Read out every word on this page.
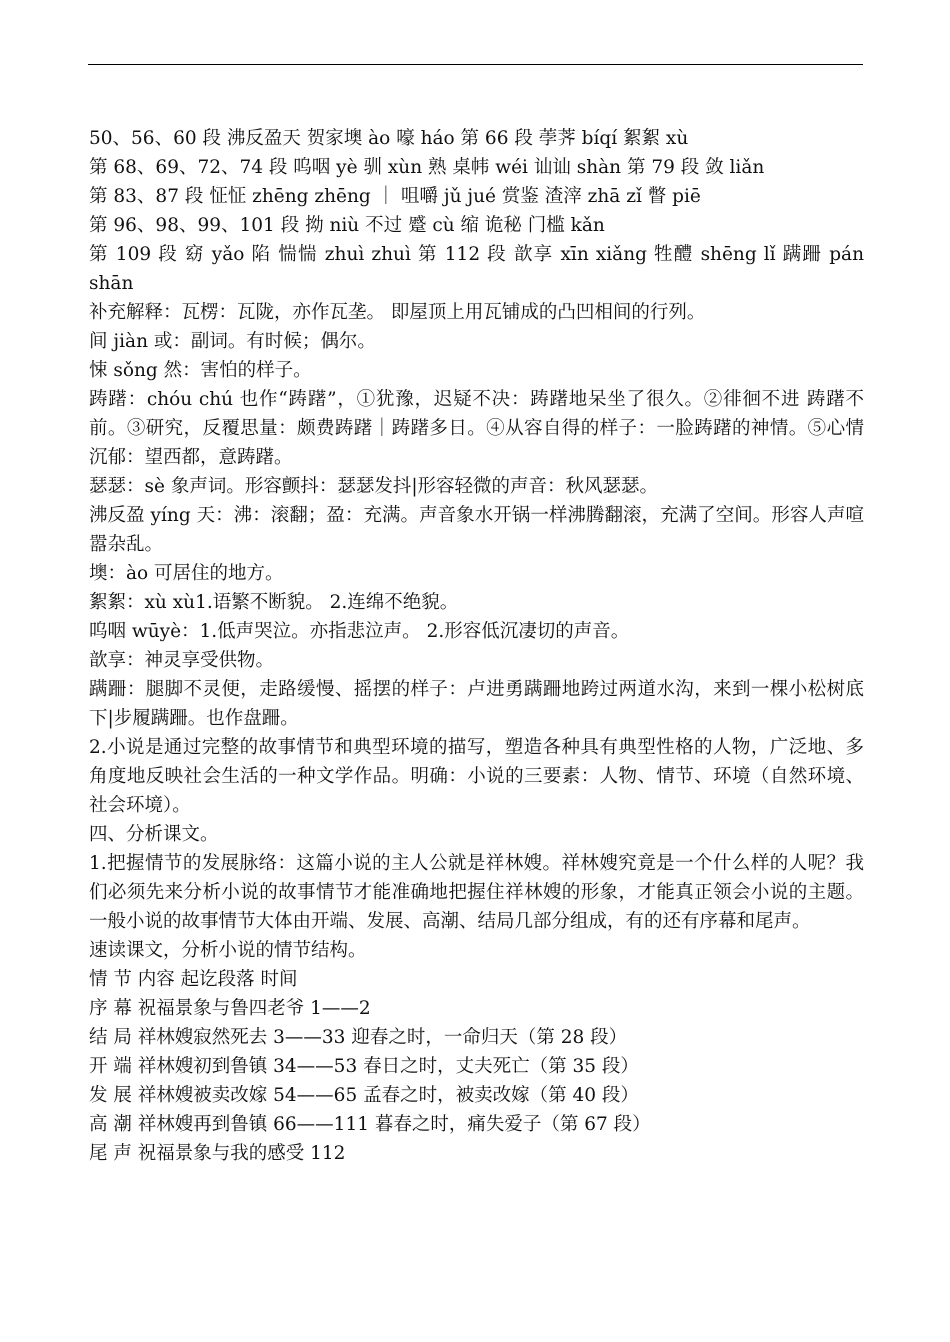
50、56、60 段 沸反盈天 贺家墺 ào 嚎 háo 第 66 段 荸荠 bíqí 絮絮 xù
第 68、69、72、74 段 呜咽 yè 驯 xùn 熟 桌帏 wéi 讪讪 shàn 第 79 段 敛 liǎn
第 83、87 段 怔怔 zhēng zhēng ｜ 咀嚼 jǔ jué 赏鉴 渣滓 zhā zǐ 瞥 piē
第 96、98、99、101 段 拗 niù 不过 蹙 cù 缩 诡秘 门槛 kǎn
第 109 段 窈 yǎo 陷 惴惴 zhuì zhuì 第 112 段 歆享 xīn xiǎng 牲醴 shēng lǐ 蹒跚 pán shān
补充解释：瓦楞：瓦陇，亦作瓦垄。 即屋顶上用瓦铺成的凸凹相间的行列。
间 jiàn 或：副词。有时候；偶尔。
悚 sǒng 然：害怕的样子。
踌躇：chóu chú 也作“踌躇”，①犹豫，迟疑不决：踌躇地呆坐了很久。②徘徊不进 踌躇不前。③研究，反覆思量：颇费踌躇｜踌躇多日。④从容自得的样子：一脸踌躇的神情。⑤心情沉郁：望西都，意踌躇。
瑟瑟：sè 象声词。形容颤抖：瑟瑟发抖|形容轻微的声音：秋风瑟瑟。
沸反盈 yíng 天：沸：滚翻；盈：充满。声音象水开锅一样沸腾翻滚，充满了空间。形容人声喧嚣杂乱。
墺：ào 可居住的地方。
絮絮：xù xù1.语繁不断貌。 2.连绵不绝貌。
呜咽 wūyè：1.低声哭泣。亦指悲泣声。 2.形容低沉凄切的声音。
歆享：神灵享受供物。
蹒跚：腿脚不灵便，走路缓慢、摇摆的样子：卢进勇蹒跚地跨过两道水沟，来到一棵小松树底下|步履蹒跚。也作盘跚。
2.小说是通过完整的故事情节和典型环境的描写，塑造各种具有典型性格的人物，广泛地、多角度地反映社会生活的一种文学作品。明确：小说的三要素：人物、情节、环境（自然环境、社会环境）。
四、分析课文。
1.把握情节的发展脉络：这篇小说的主人公就是祥林嫂。祥林嫂究竟是一个什么样的人呢？我们必须先来分析小说的故事情节才能准确地把握住祥林嫂的形象，才能真正领会小说的主题。一般小说的故事情节大体由开端、发展、高潮、结局几部分组成，有的还有序幕和尾声。
速读课文，分析小说的情节结构。
情 节 内容 起讫段落 时间
序 幕 祝福景象与鲁四老爷 1——2
结 局 祥林嫂寂然死去 3——33 迎春之时，一命归天（第 28 段）
开 端 祥林嫂初到鲁镇 34——53 春日之时，丈夫死亡（第 35 段）
发 展 祥林嫂被卖改嫁 54——65 孟春之时，被卖改嫁（第 40 段）
高 潮 祥林嫂再到鲁镇 66——111 暮春之时，痛失爱子（第 67 段）
尾 声 祝福景象与我的感受 112
